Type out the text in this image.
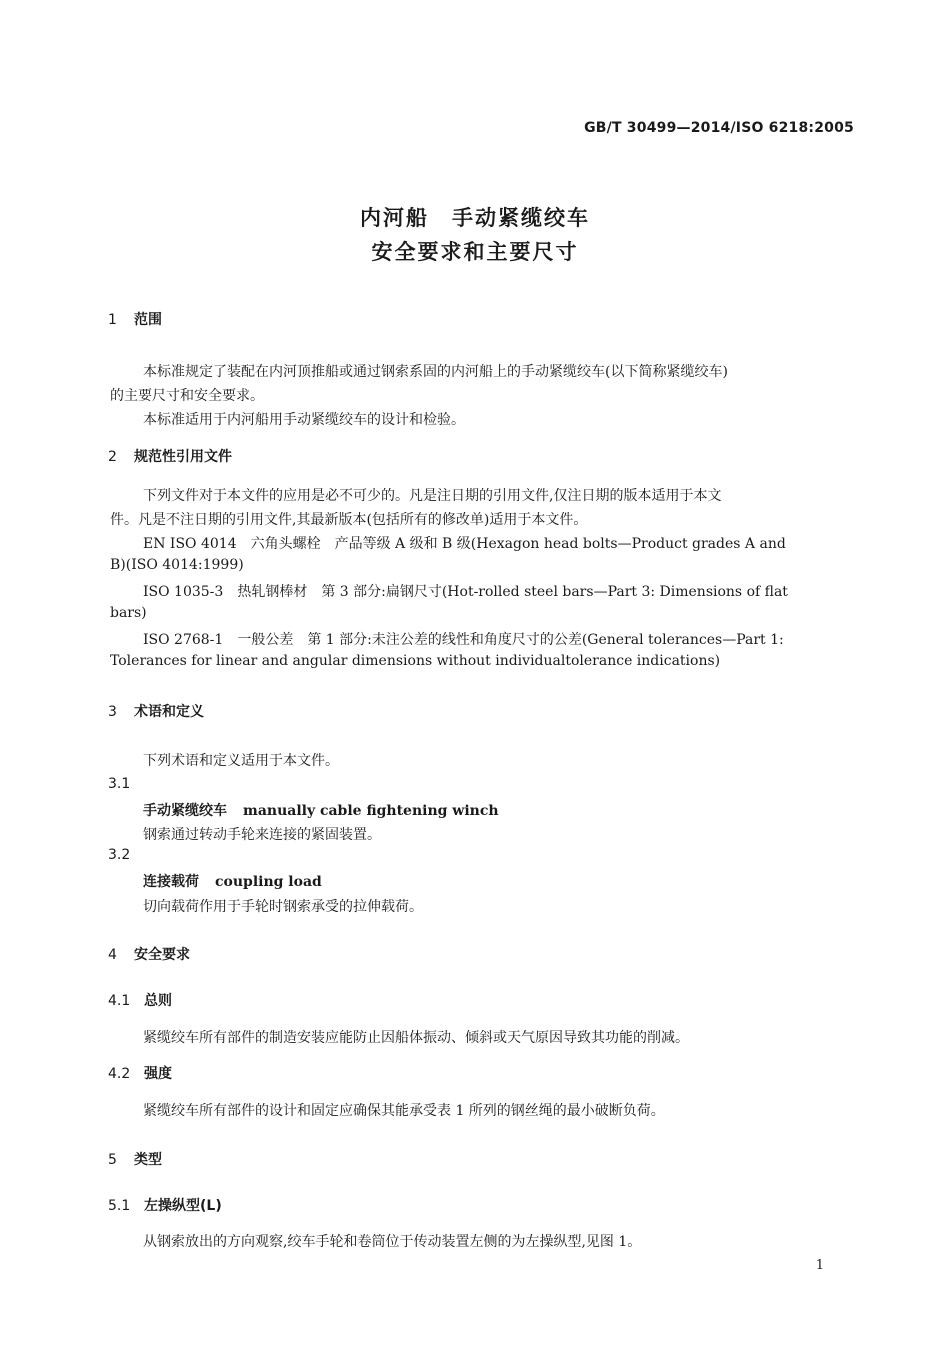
GB/T 30499—2014/ISO 6218:2005
内河船　手动紧缆绞车
安全要求和主要尺寸
1 范围
本标准规定了装配在内河顶推船或通过钢索系固的内河船上的手动紧缆绞车(以下简称紧缆绞车)
的主要尺寸和安全要求。
本标准适用于内河船用手动紧缆绞车的设计和检验。
2 规范性引用文件
下列文件对于本文件的应用是必不可少的。凡是注日期的引用文件,仅注日期的版本适用于本文
件。凡是不注日期的引用文件,其最新版本(包括所有的修改单)适用于本文件。
EN ISO 4014　六角头螺栓　产品等级 A 级和 B 级(Hexagon head bolts—Product grades A and
B)(ISO 4014:1999)
ISO 1035-3　热轧钢棒材　第 3 部分:扁钢尺寸(Hot-rolled steel bars—Part 3: Dimensions of flat
bars)
ISO 2768-1　一般公差　第 1 部分:未注公差的线性和角度尺寸的公差(General tolerances—Part 1:
Tolerances for linear and angular dimensions without individualtolerance indications)
3 术语和定义
下列术语和定义适用于本文件。
3.1
手动紧缆绞车 manually cable fightening winch
钢索通过转动手轮来连接的紧固装置。
3.2
连接载荷 coupling load
切向载荷作用于手轮时钢索承受的拉伸载荷。
4 安全要求
4.1 总则
紧缆绞车所有部件的制造安装应能防止因船体振动、倾斜或天气原因导致其功能的削减。
4.2 强度
紧缆绞车所有部件的设计和固定应确保其能承受表 1 所列的钢丝绳的最小破断负荷。
5 类型
5.1 左操纵型(L)
从钢索放出的方向观察,绞车手轮和卷筒位于传动装置左侧的为左操纵型,见图 1。
1
